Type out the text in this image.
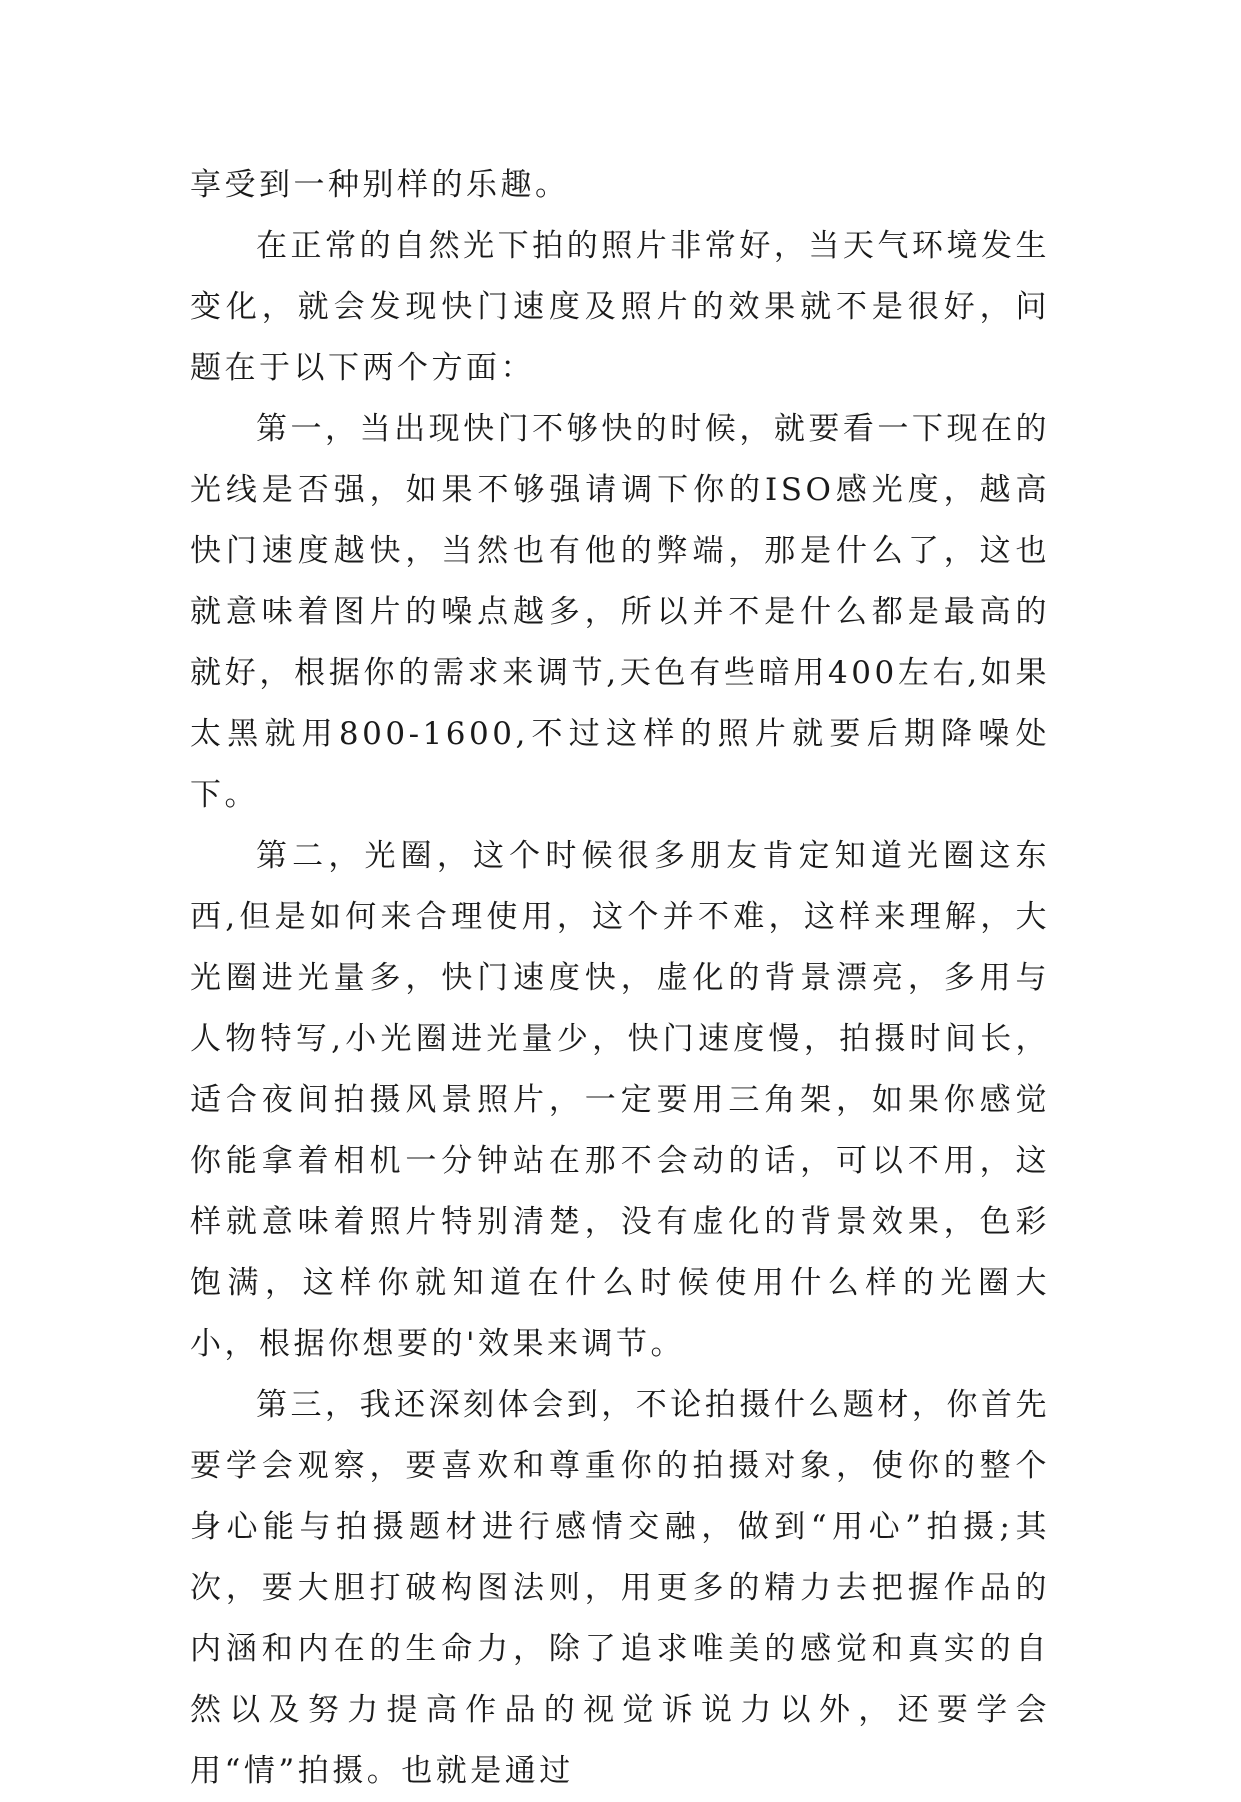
享受到一种别样的乐趣。

在正常的自然光下拍的照片非常好，当天气环境发生变化，就会发现快门速度及照片的效果就不是很好，问题在于以下两个方面：

第一，当出现快门不够快的时候，就要看一下现在的光线是否强，如果不够强请调下你的ISO感光度，越高快门速度越快，当然也有他的弊端，那是什么了，这也就意味着图片的噪点越多，所以并不是什么都是最高的就好，根据你的需求来调节,天色有些暗用400左右,如果太黑就用800-1600,不过这样的照片就要后期降噪处下。

第二，光圈，这个时候很多朋友肯定知道光圈这东西,但是如何来合理使用，这个并不难，这样来理解，大光圈进光量多，快门速度快，虚化的背景漂亮，多用与人物特写,小光圈进光量少，快门速度慢，拍摄时间长，适合夜间拍摄风景照片，一定要用三角架，如果你感觉你能拿着相机一分钟站在那不会动的话，可以不用，这样就意味着照片特别清楚，没有虚化的背景效果，色彩饱满，这样你就知道在什么时候使用什么样的光圈大小，根据你想要的'效果来调节。

第三，我还深刻体会到，不论拍摄什么题材，你首先要学会观察，要喜欢和尊重你的拍摄对象，使你的整个身心能与拍摄题材进行感情交融，做到“用心”拍摄;其次，要大胆打破构图法则，用更多的精力去把握作品的内涵和内在的生命力，除了追求唯美的感觉和真实的自然以及努力提高作品的视觉诉说力以外，还要学会用“情”拍摄。也就是通过
